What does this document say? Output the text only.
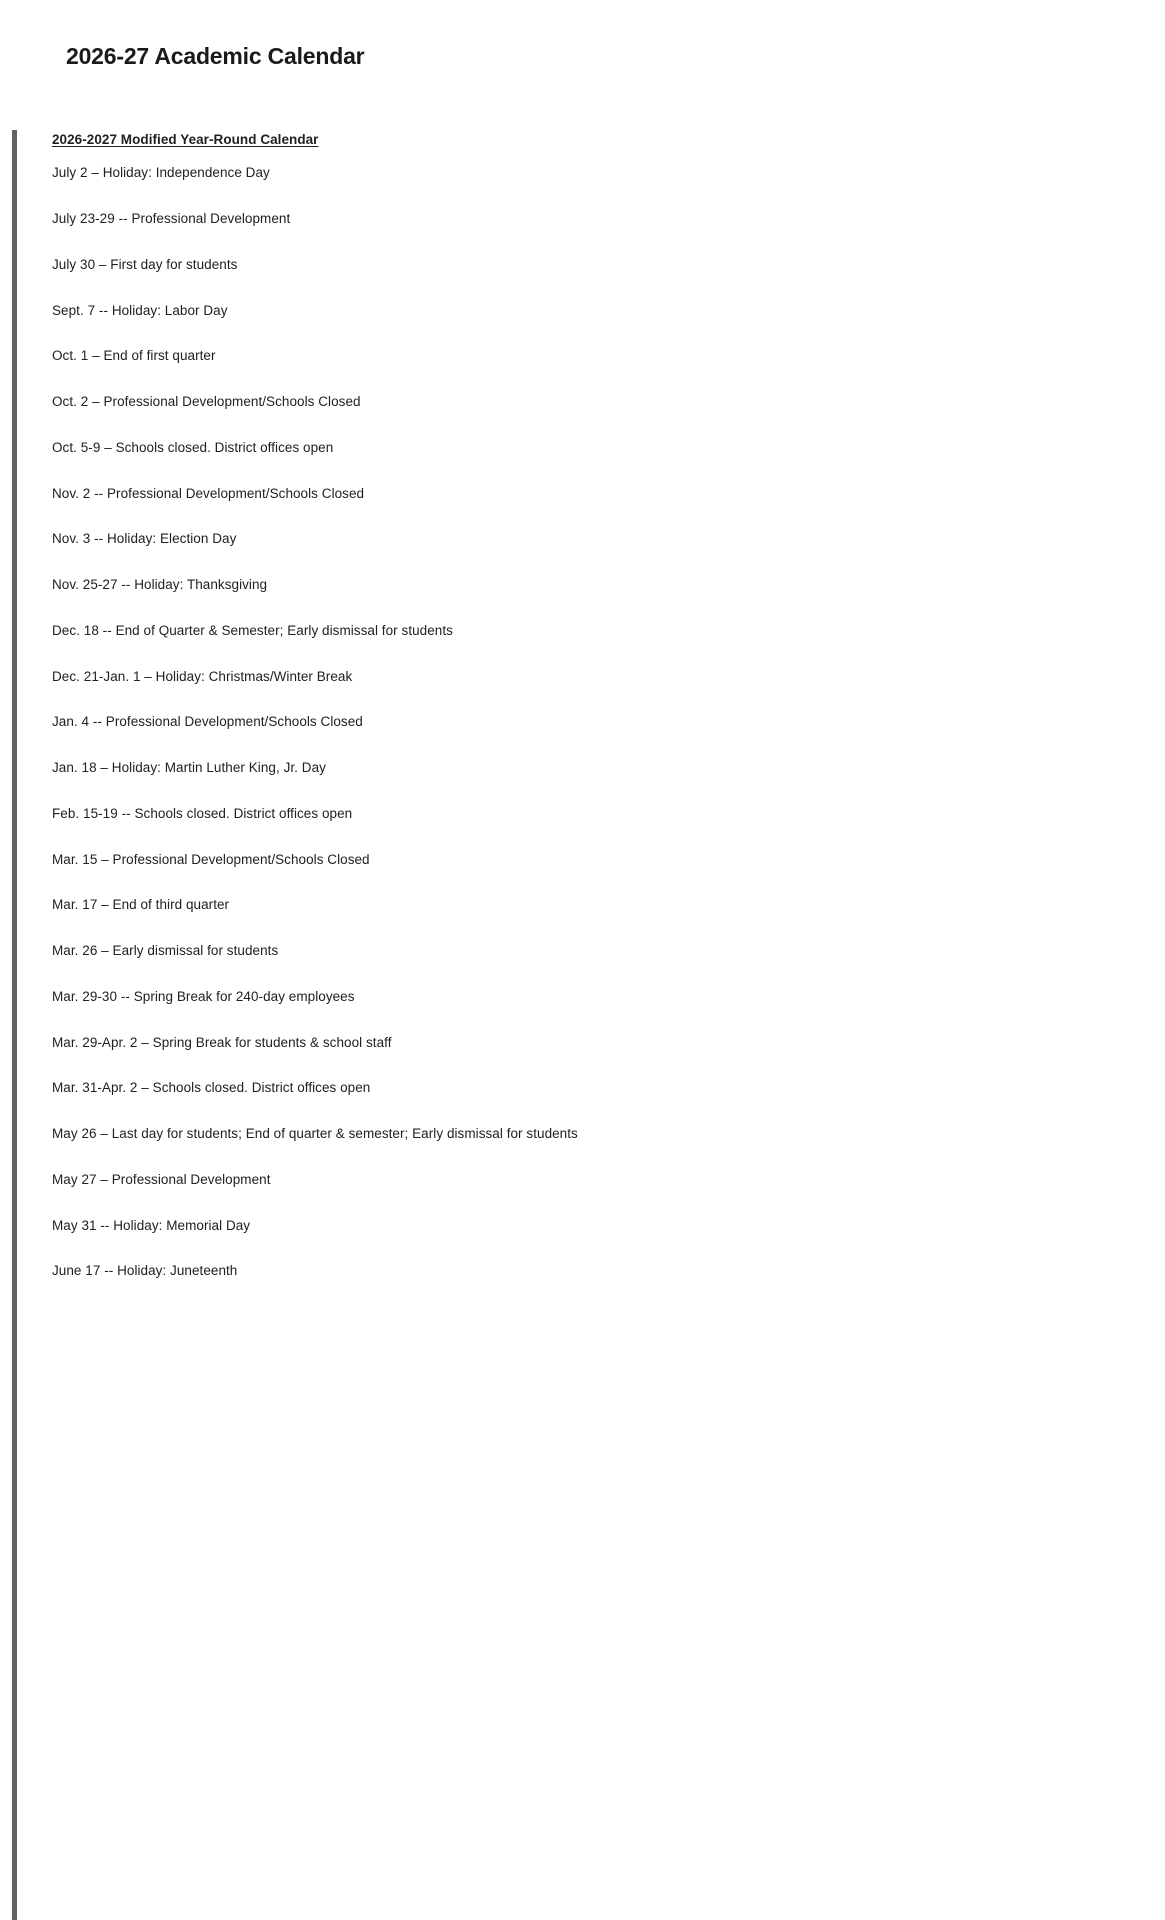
2026-27 Academic Calendar
2026-2027 Modified Year-Round Calendar
July 2 – Holiday: Independence Day
July 23-29 -- Professional Development
July 30 – First day for students
Sept. 7 -- Holiday: Labor Day
Oct. 1 – End of first quarter
Oct. 2 – Professional Development/Schools Closed
Oct. 5-9 – Schools closed. District offices open
Nov. 2 -- Professional Development/Schools Closed
Nov. 3 -- Holiday: Election Day
Nov. 25-27 -- Holiday: Thanksgiving
Dec. 18 -- End of Quarter & Semester; Early dismissal for students
Dec. 21-Jan. 1 – Holiday: Christmas/Winter Break
Jan. 4 -- Professional Development/Schools Closed
Jan. 18 – Holiday: Martin Luther King, Jr. Day
Feb. 15-19 -- Schools closed. District offices open
Mar. 15 – Professional Development/Schools Closed
Mar. 17 – End of third quarter
Mar. 26 – Early dismissal for students
Mar. 29-30 -- Spring Break for 240-day employees
Mar. 29-Apr. 2 – Spring Break for students & school staff
Mar. 31-Apr. 2 – Schools closed. District offices open
May 26 – Last day for students; End of quarter & semester; Early dismissal for students
May 27 – Professional Development
May 31 -- Holiday: Memorial Day
June 17 -- Holiday: Juneteenth
